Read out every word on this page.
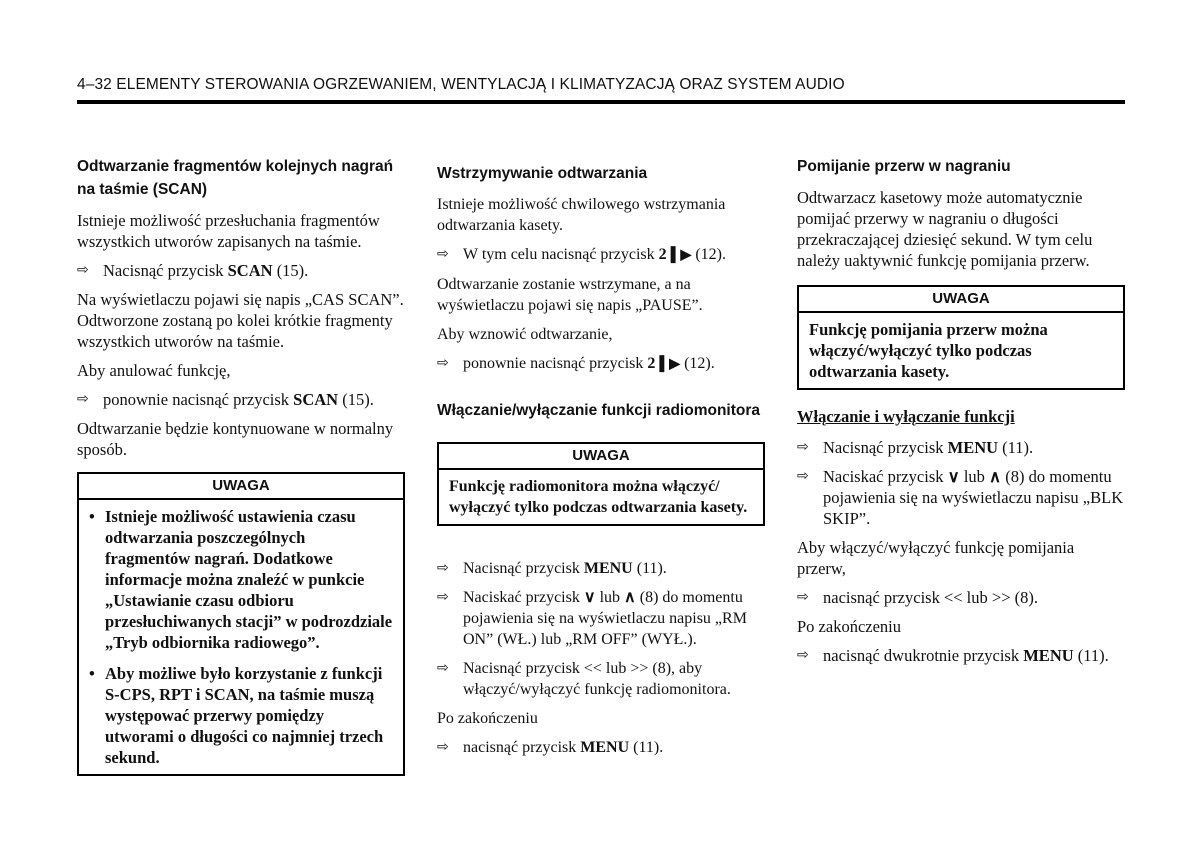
4–32 ELEMENTY STEROWANIA OGRZEWANIEM, WENTYLACJĄ I KLIMATYZACJĄ ORAZ SYSTEM AUDIO
Odtwarzanie fragmentów kolejnych nagrań na taśmie (SCAN)

Istnieje możliwość przesłuchania fragmentów wszystkich utworów zapisanych na taśmie.

⇨ Nacisnąć przycisk SCAN (15).

Na wyświetlaczu pojawi się napis „CAS SCAN”. Odtworzone zostaną po kolei krótkie fragmenty wszystkich utworów na taśmie.

Aby anulować funkcję,

⇨ ponownie nacisnąć przycisk SCAN (15).

Odtwarzanie będzie kontynuowane w normalny sposób.

UWAGA
• Istnieje możliwość ustawienia czasu odtwarzania poszczególnych fragmentów nagrań. Dodatkowe informacje można znaleźć w punkcie „Ustawianie czasu odbioru przesłuchiwanych stacji” w podrozdziale „Tryb odbiornika radiowego”.
• Aby możliwe było korzystanie z funkcji S-CPS, RPT i SCAN, na taśmie muszą występować przerwy pomiędzy utworami o długości co najmniej trzech sekund.
Wstrzymywanie odtwarzania

Istnieje możliwość chwilowego wstrzymania odtwarzania kasety.

⇨ W tym celu nacisnąć przycisk 2 ▌▶ (12).

Odtwarzanie zostanie wstrzymane, a na wyświetlaczu pojawi się napis „PAUSE”.

Aby wznowić odtwarzanie,

⇨ ponownie nacisnąć przycisk 2 ▌▶ (12).
Włączanie/wyłączanie funkcji radiomonitora
UWAGA
Funkcję radiomonitora można włączyć/ wyłączyć tylko podczas odtwarzania kasety.
⇨ Nacisnąć przycisk MENU (11).
⇨ Naciskać przycisk ∨ lub ∧ (8) do momentu pojawienia się na wyświetlaczu napisu „RM ON” (WŁ.) lub „RM OFF” (WYŁ.).
⇨ Nacisnąć przycisk << lub >> (8), aby włączyć/wyłączyć funkcję radiomonitora.

Po zakończeniu

⇨ nacisnąć przycisk MENU (11).
Pomijanie przerw w nagraniu

Odtwarzacz kasetowy może automatycznie pomijać przerwy w nagraniu o długości przekraczającej dziesięć sekund. W tym celu należy uaktywnić funkcję pomijania przerw.

UWAGA
Funkcję pomijania przerw można włączyć/wyłączyć tylko podczas odtwarzania kasety.
Włączanie i wyłączanie funkcji
⇨ Nacisnąć przycisk MENU (11).
⇨ Naciskać przycisk ∨ lub ∧ (8) do momentu pojawienia się na wyświetlaczu napisu „BLK SKIP”.

Aby włączyć/wyłączyć funkcję pomijania przerw,

⇨ nacisnąć przycisk << lub >> (8).

Po zakończeniu

⇨ nacisnąć dwukrotnie przycisk MENU (11).
